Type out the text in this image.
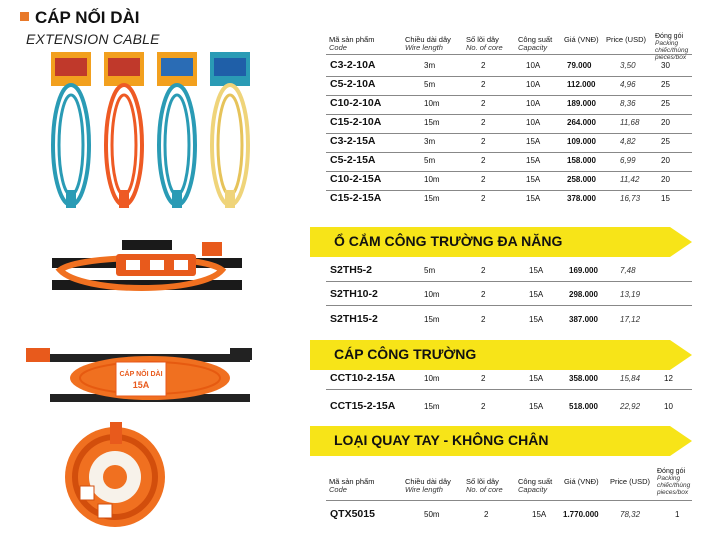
CÁP NỐI DÀI
EXTENSION CABLE
CÁP NỐI DÀI
15A
Mã sản phẩm
Code
Chiều dài dây
Wire length
Số lõi dây
No. of core
Công suất
Capacity
Giá (VNĐ) Price (USD) Đóng gói
Packing
chiếc/thùng
pieces/box
C3-2-10A	3m	2	10A	79.000	3,50	30
C5-2-10A	5m	2	10A	112.000	4,96	25
C10-2-10A	10m	2	10A	189.000	8,36	25
C15-2-10A	15m	2	10A	264.000	11,68	20
C3-2-15A	3m	2	15A	109.000	4,82	25
C5-2-15A	5m	2	15A	158.000	6,99	20
C10-2-15A	10m	2	15A	258.000	11,42	20
C15-2-15A	15m	2	15A	378.000	16,73	15
Ổ CẮM CÔNG TRƯỜNG ĐA NĂNG
S2TH5-2	5m	2	15A	169.000	7,48
S2TH10-2	10m	2	15A	298.000	13,19
S2TH15-2	15m	2	15A	387.000	17,12
CÁP CÔNG TRƯỜNG
CCT10-2-15A	10m	2	15A	358.000	15,84	12
CCT15-2-15A	15m	2	15A	518.000	22,92	10
LOẠI QUAY TAY - KHÔNG CHÂN
Mã sản phẩm
Code
Chiều dài dây
Wire length
Số lõi dây
No. of core
Công suất
Capacity
Giá (VNĐ) Price (USD)
Đóng gói
Packing
chiếc/thùng
pieces/box
QTX5015	50m	2	15A 1.770.000	78,32	1
